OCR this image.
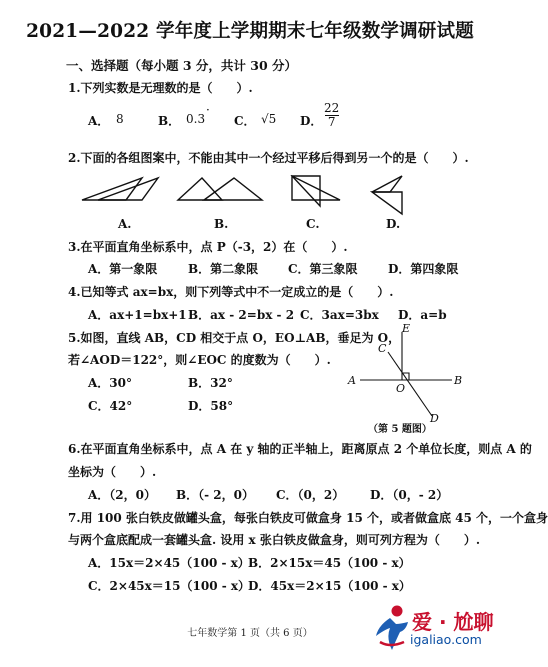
2021—2022 学年度上学期期末七年级数学调研试题
一、选择题（每小题 3 分，共计 30 分）
1.下列实数是无理数的是（　　）.
A． 8	B． 0.3
·
C． √5 D．
22
7
2.下面的各组图案中，不能由其中一个经过平移后得到另一个的是（　　）.
A.	B.	C.	D.
3.在平面直角坐标系中，点 P（-3，2）在（　　）.
A．第一象限	B．第二象限 C．第三象限	D．第四象限
4.已知等式 ax=bx，则下列等式中不一定成立的是（　　）.
A．ax+1=bx+1 B．ax - 2=bx - 2 C．3ax=3bx D．a=b
5.如图，直线 AB，CD 相交于点 O，EO⊥AB，垂足为 O，
若∠AOD＝122°，则∠EOC 的度数为（　　）.
A．30°	B．32°
C．42°	D．58°
E
C
A
O
B
D
（第 5 题图）
6.在平面直角坐标系中，点 A 在 y 轴的正半轴上，距离原点 2 个单位长度，则点 A 的
坐标为（　　）.
A．（2，0） B．（- 2，0） C．（0，2） D．（0，- 2）
7.用 100 张白铁皮做罐头盒，每张白铁皮可做盒身 15 个，或者做盒底 45 个，一个盒身
与两个盒底配成一套罐头盒. 设用 x 张白铁皮做盒身，则可列方程为（　　）.
A．15x＝2×45（100 - x）
B．2×15x＝45（100 - x）
C．2×45x＝15（100 - x）
D．45x＝2×15（100 - x）
七年数学第 1 页（共 6 页）	爱 · 尬聊
igaliao.com
